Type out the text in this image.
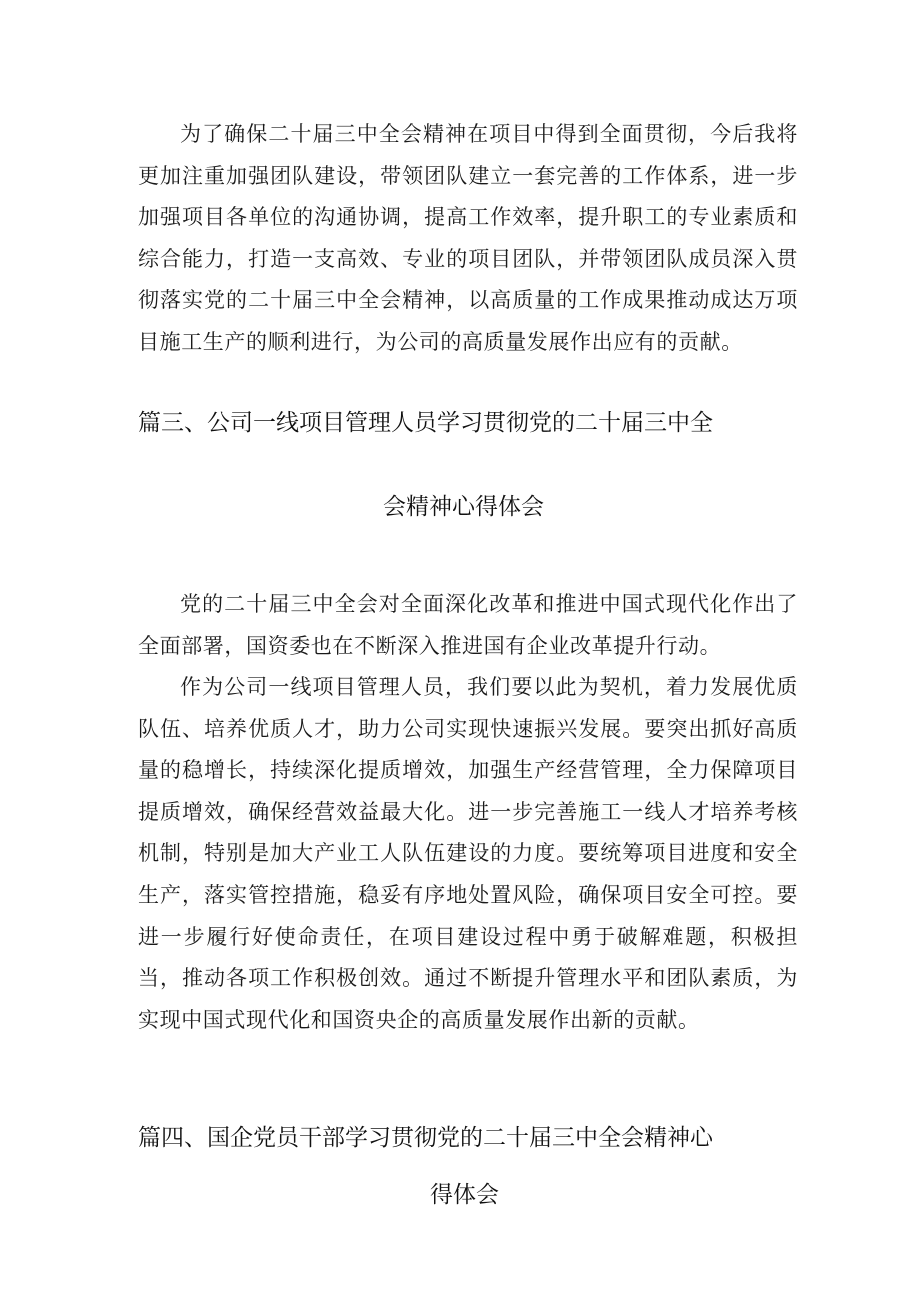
为了确保二十届三中全会精神在项目中得到全面贯彻，今后我将更加注重加强团队建设，带领团队建立一套完善的工作体系，进一步加强项目各单位的沟通协调，提高工作效率，提升职工的专业素质和综合能力，打造一支高效、专业的项目团队，并带领团队成员深入贯彻落实党的二十届三中全会精神，以高质量的工作成果推动成达万项目施工生产的顺利进行，为公司的高质量发展作出应有的贡献。

篇三、公司一线项目管理人员学习贯彻党的二十届三中全
会精神心得体会

党的二十届三中全会对全面深化改革和推进中国式现代化作出了全面部署，国资委也在不断深入推进国有企业改革提升行动。

作为公司一线项目管理人员，我们要以此为契机，着力发展优质队伍、培养优质人才，助力公司实现快速振兴发展。要突出抓好高质量的稳增长，持续深化提质增效，加强生产经营管理，全力保障项目提质增效，确保经营效益最大化。进一步完善施工一线人才培养考核机制，特别是加大产业工人队伍建设的力度。要统筹项目进度和安全生产，落实管控措施，稳妥有序地处置风险，确保项目安全可控。要进一步履行好使命责任，在项目建设过程中勇于破解难题，积极担当，推动各项工作积极创效。通过不断提升管理水平和团队素质，为实现中国式现代化和国资央企的高质量发展作出新的贡献。

篇四、国企党员干部学习贯彻党的二十届三中全会精神心
得体会
